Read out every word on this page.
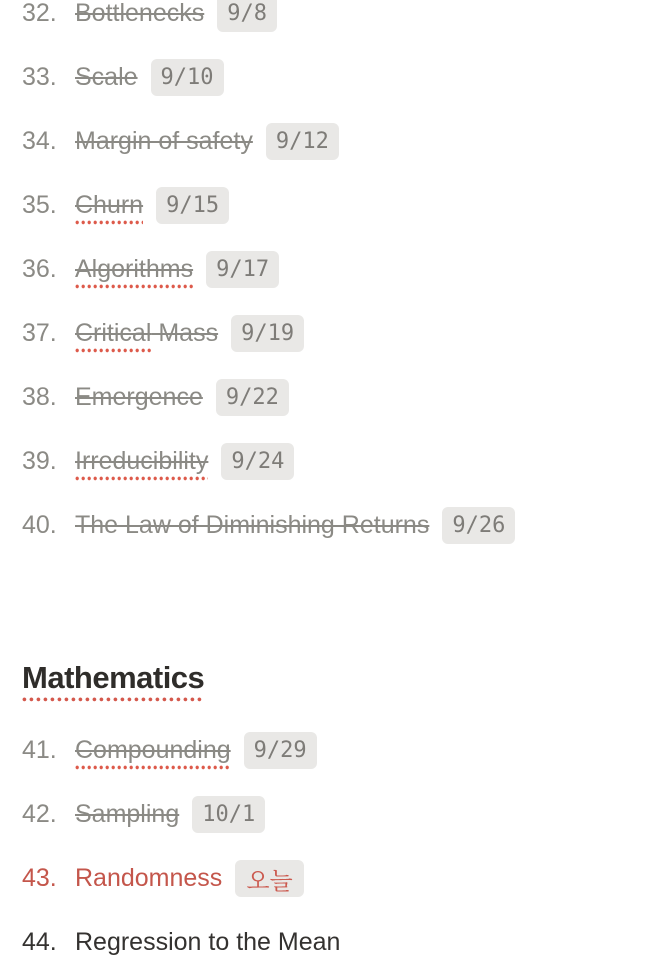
32. Bottlenecks	9/8
33. Scale	9/10
34. Margin of safety	9/12
35. Churn	9/15
36. Algorithms	9/17
37. Critical Mass	9/19
38. Emergence	9/22
39. Irreducibility	9/24
40. The Law of Diminishing Returns	9/26
Mathematics
41. Compounding	9/29
42. Sampling	10/1
43. Randomness	오늘
44. Regression to the Mean
